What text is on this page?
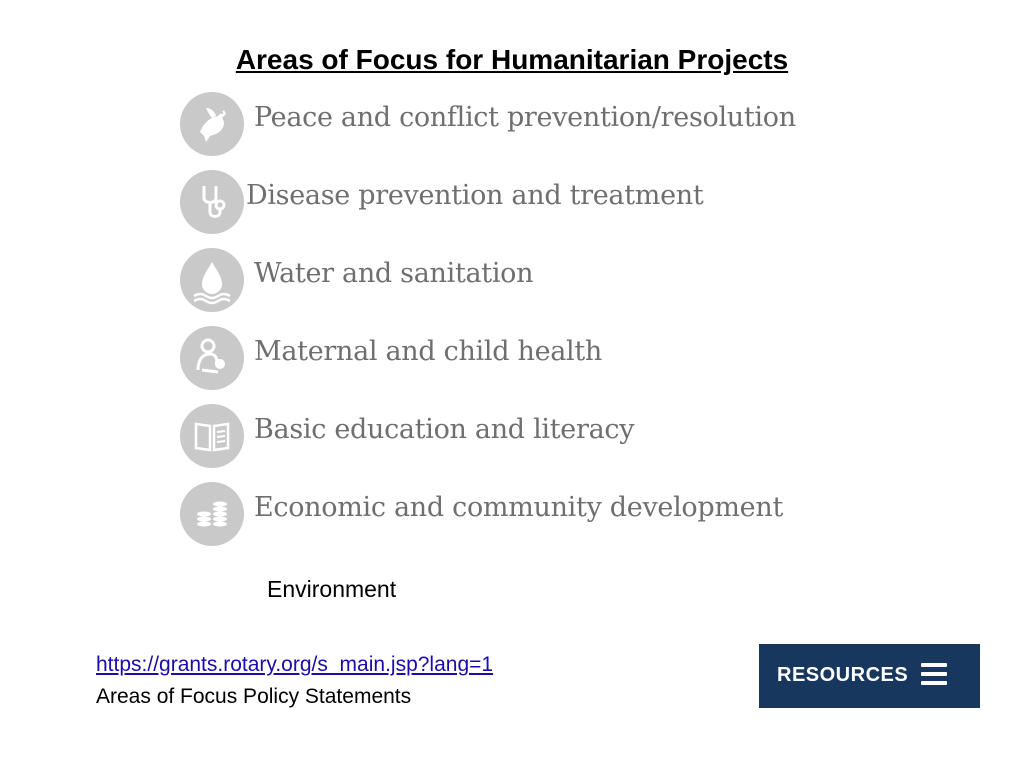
Areas of Focus for Humanitarian Projects
Peace and conflict prevention/resolution
Disease prevention and treatment
Water and sanitation
Maternal and child health
Basic education and literacy
Economic and community development
Environment
https://grants.rotary.org/s_main.jsp?lang=1
Areas of Focus Policy Statements
RESOURCES
